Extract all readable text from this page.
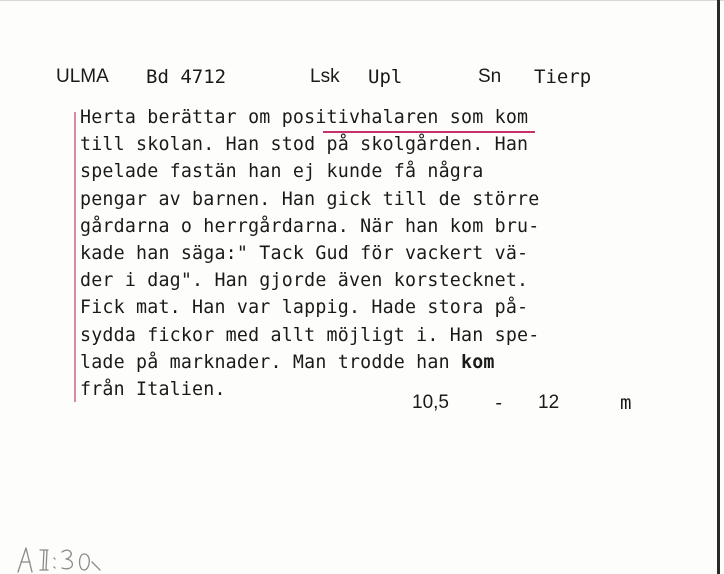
ULMA Bd 4712	Lsk Upl	Sn Tierp
Herta berättar om positivhalaren som kom
till skolan. Han stod på skolgården. Han
spelade fastän han ej kunde få några
pengar av barnen. Han gick till de större
gårdarna o herrgårdarna. När han kom bru-
kade han säga:" Tack Gud för vackert vä-
der i dag". Han gjorde även korstecknet.
Fick mat. Han var lappig. Hade stora på-
sydda fickor med allt möjligt i. Han spe-
lade på marknader. Man trodde han kom
från Italien.
10,5 - 12	m
